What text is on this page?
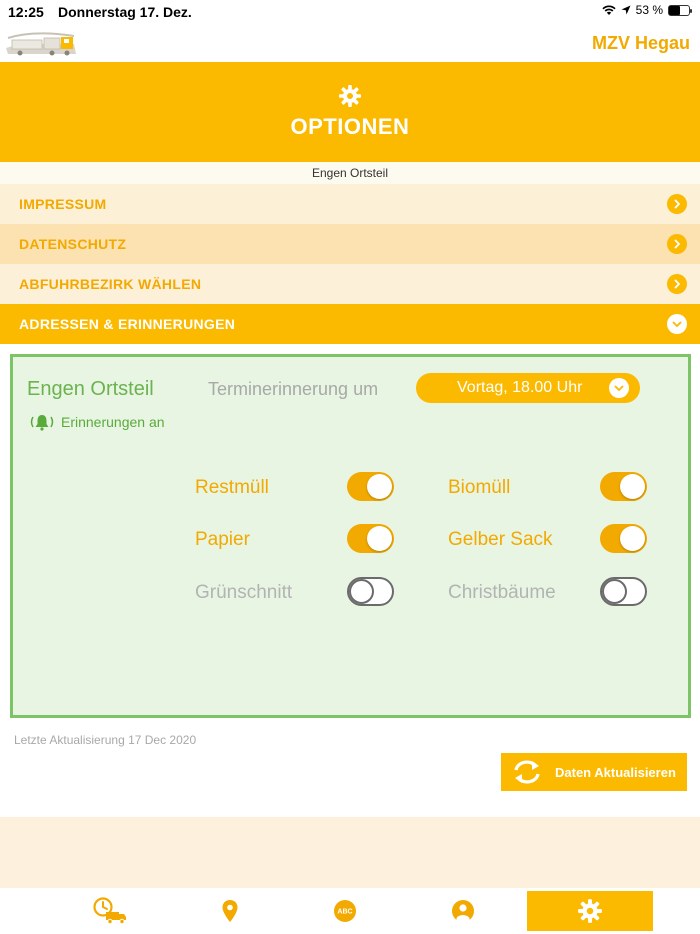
12:25 Donnerstag 17. Dez.	53 %
MZV Hegau
OPTIONEN
Engen Ortsteil
IMPRESSUM
DATENSCHUTZ
ABFUHRBEZIRK WÄHLEN
ADRESSEN & ERINNERUNGEN
Engen Ortsteil	Terminerinnerung um	Vortag, 18.00 Uhr
Erinnerungen an
Restmüll	Biomüll
Papier	Gelber Sack
Grünschnitt	Christbäume
Letzte Aktualisierung 17 Dec 2020
Daten Aktualisieren
ABC
